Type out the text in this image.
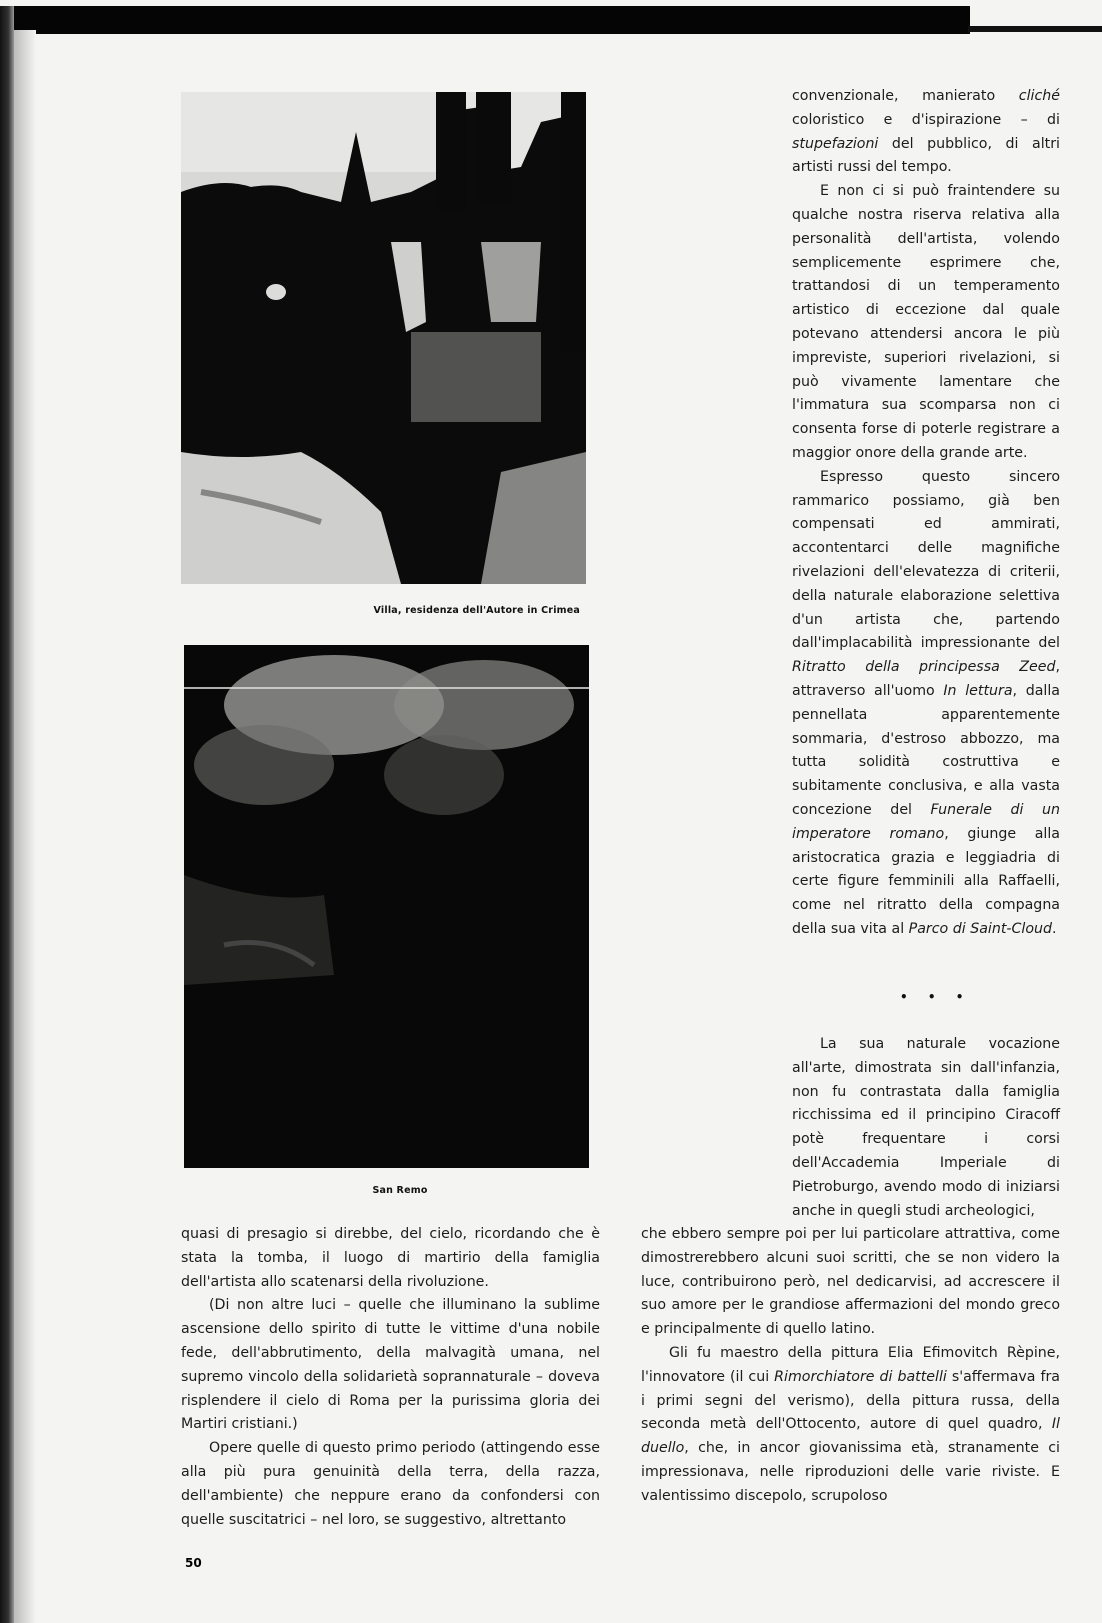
Villa, residenza dell'Autore in Crimea
San Remo

convenzionale, manierato cliché coloristico e d'ispirazione – di stupefazioni del pubblico, di altri artisti russi del tempo.

E non ci si può fraintendere su qualche nostra riserva relativa alla personalità dell'artista, volendo semplicemente esprimere che, trattandosi di un temperamento artistico di eccezione dal quale potevano attendersi ancora le più impreviste, superiori rivelazioni, si può vivamente lamentare che l'immatura sua scomparsa non ci consenta forse di poterle registrare a maggior onore della grande arte.

Espresso questo sincero rammarico possiamo, già ben compensati ed ammirati, accontentarci delle magnifiche rivelazioni dell'elevatezza di criterii, della naturale elaborazione selettiva d'un artista che, partendo dall'implacabilità impressionante del Ritratto della principessa Zeed, attraverso all'uomo In lettura, dalla pennellata apparentemente sommaria, d'estroso abbozzo, ma tutta solidità costruttiva e subitamente conclusiva, e alla vasta concezione del Funerale di un imperatore romano, giunge alla aristocratica grazia e leggiadria di certe figure femminili alla Raffaelli, come nel ritratto della compagna della sua vita al Parco di Saint-Cloud.

• • •

La sua naturale vocazione all'arte, dimostrata sin dall'infanzia, non fu contrastata dalla famiglia ricchissima ed il principino Ciracoff potè frequentare i corsi dell'Accademia Imperiale di Pietroburgo, avendo modo di iniziarsi anche in quegli studi archeologici,

quasi di presagio si direbbe, del cielo, ricordando che è stata la tomba, il luogo di martirio della famiglia dell'artista allo scatenarsi della rivoluzione.

(Di non altre luci – quelle che illuminano la sublime ascensione dello spirito di tutte le vittime d'una nobile fede, dell'abbrutimento, della malvagità umana, nel supremo vincolo della solidarietà soprannaturale – doveva risplendere il cielo di Roma per la purissima gloria dei Martiri cristiani.)

Opere quelle di questo primo periodo (attingendo esse alla più pura genuinità della terra, della razza, dell'ambiente) che neppure erano da confondersi con quelle suscitatrici – nel loro, se suggestivo, altrettanto

che ebbero sempre poi per lui particolare attrattiva, come dimostrerebbero alcuni suoi scritti, che se non videro la luce, contribuirono però, nel dedicarvisi, ad accrescere il suo amore per le grandiose affermazioni del mondo greco e principalmente di quello latino.

Gli fu maestro della pittura Elia Efimovitch Rèpine, l'innovatore (il cui Rimorchiatore di battelli s'affermava fra i primi segni del verismo), della pittura russa, della seconda metà dell'Ottocento, autore di quel quadro, Il duello, che, in ancor giovanissima età, stranamente ci impressionava, nelle riproduzioni delle varie riviste. E valentissimo discepolo, scrupoloso

50
